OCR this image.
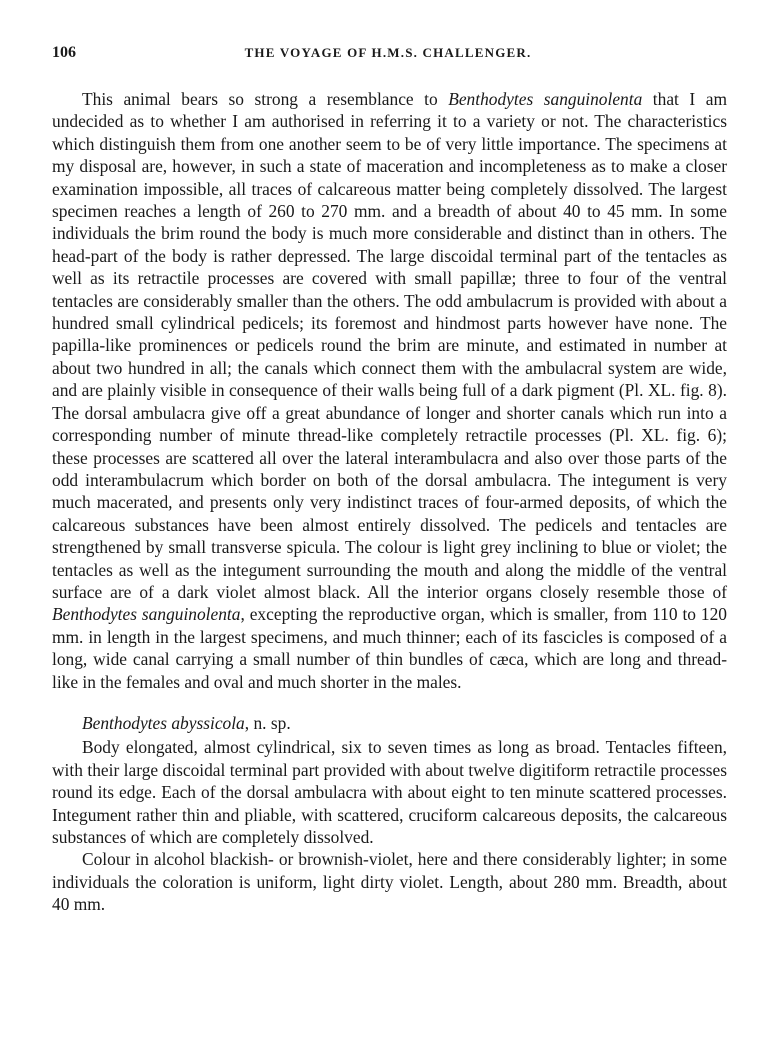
106	THE VOYAGE OF H.M.S. CHALLENGER.

This animal bears so strong a resemblance to Benthodytes sanguinolenta that I am undecided as to whether I am authorised in referring it to a variety or not. The characteristics which distinguish them from one another seem to be of very little importance. The specimens at my disposal are, however, in such a state of maceration and incompleteness as to make a closer examination impossible, all traces of calcareous matter being completely dissolved. The largest specimen reaches a length of 260 to 270 mm. and a breadth of about 40 to 45 mm. In some individuals the brim round the body is much more considerable and distinct than in others. The head-part of the body is rather depressed. The large discoidal terminal part of the tentacles as well as its retractile processes are covered with small papillæ; three to four of the ventral tentacles are considerably smaller than the others. The odd ambulacrum is provided with about a hundred small cylindrical pedicels; its foremost and hindmost parts however have none. The papilla-like prominences or pedicels round the brim are minute, and estimated in number at about two hundred in all; the canals which connect them with the ambulacral system are wide, and are plainly visible in consequence of their walls being full of a dark pigment (Pl. XL. fig. 8). The dorsal ambulacra give off a great abundance of longer and shorter canals which run into a corresponding number of minute thread-like completely retractile processes (Pl. XL. fig. 6); these processes are scattered all over the lateral interambulacra and also over those parts of the odd interambulacrum which border on both of the dorsal ambulacra. The integument is very much macerated, and presents only very indistinct traces of four-armed deposits, of which the calcareous substances have been almost entirely dissolved. The pedicels and tentacles are strengthened by small transverse spicula. The colour is light grey inclining to blue or violet; the tentacles as well as the integument surrounding the mouth and along the middle of the ventral surface are of a dark violet almost black. All the interior organs closely resemble those of Benthodytes sanguinolenta, excepting the reproductive organ, which is smaller, from 110 to 120 mm. in length in the largest specimens, and much thinner; each of its fascicles is composed of a long, wide canal carrying a small number of thin bundles of cæca, which are long and thread-like in the females and oval and much shorter in the males.

Benthodytes abyssicola, n. sp.

Body elongated, almost cylindrical, six to seven times as long as broad. Tentacles fifteen, with their large discoidal terminal part provided with about twelve digitiform retractile processes round its edge. Each of the dorsal ambulacra with about eight to ten minute scattered processes. Integument rather thin and pliable, with scattered, cruciform calcareous deposits, the calcareous substances of which are completely dissolved.

Colour in alcohol blackish- or brownish-violet, here and there considerably lighter; in some individuals the coloration is uniform, light dirty violet. Length, about 280 mm. Breadth, about 40 mm.
